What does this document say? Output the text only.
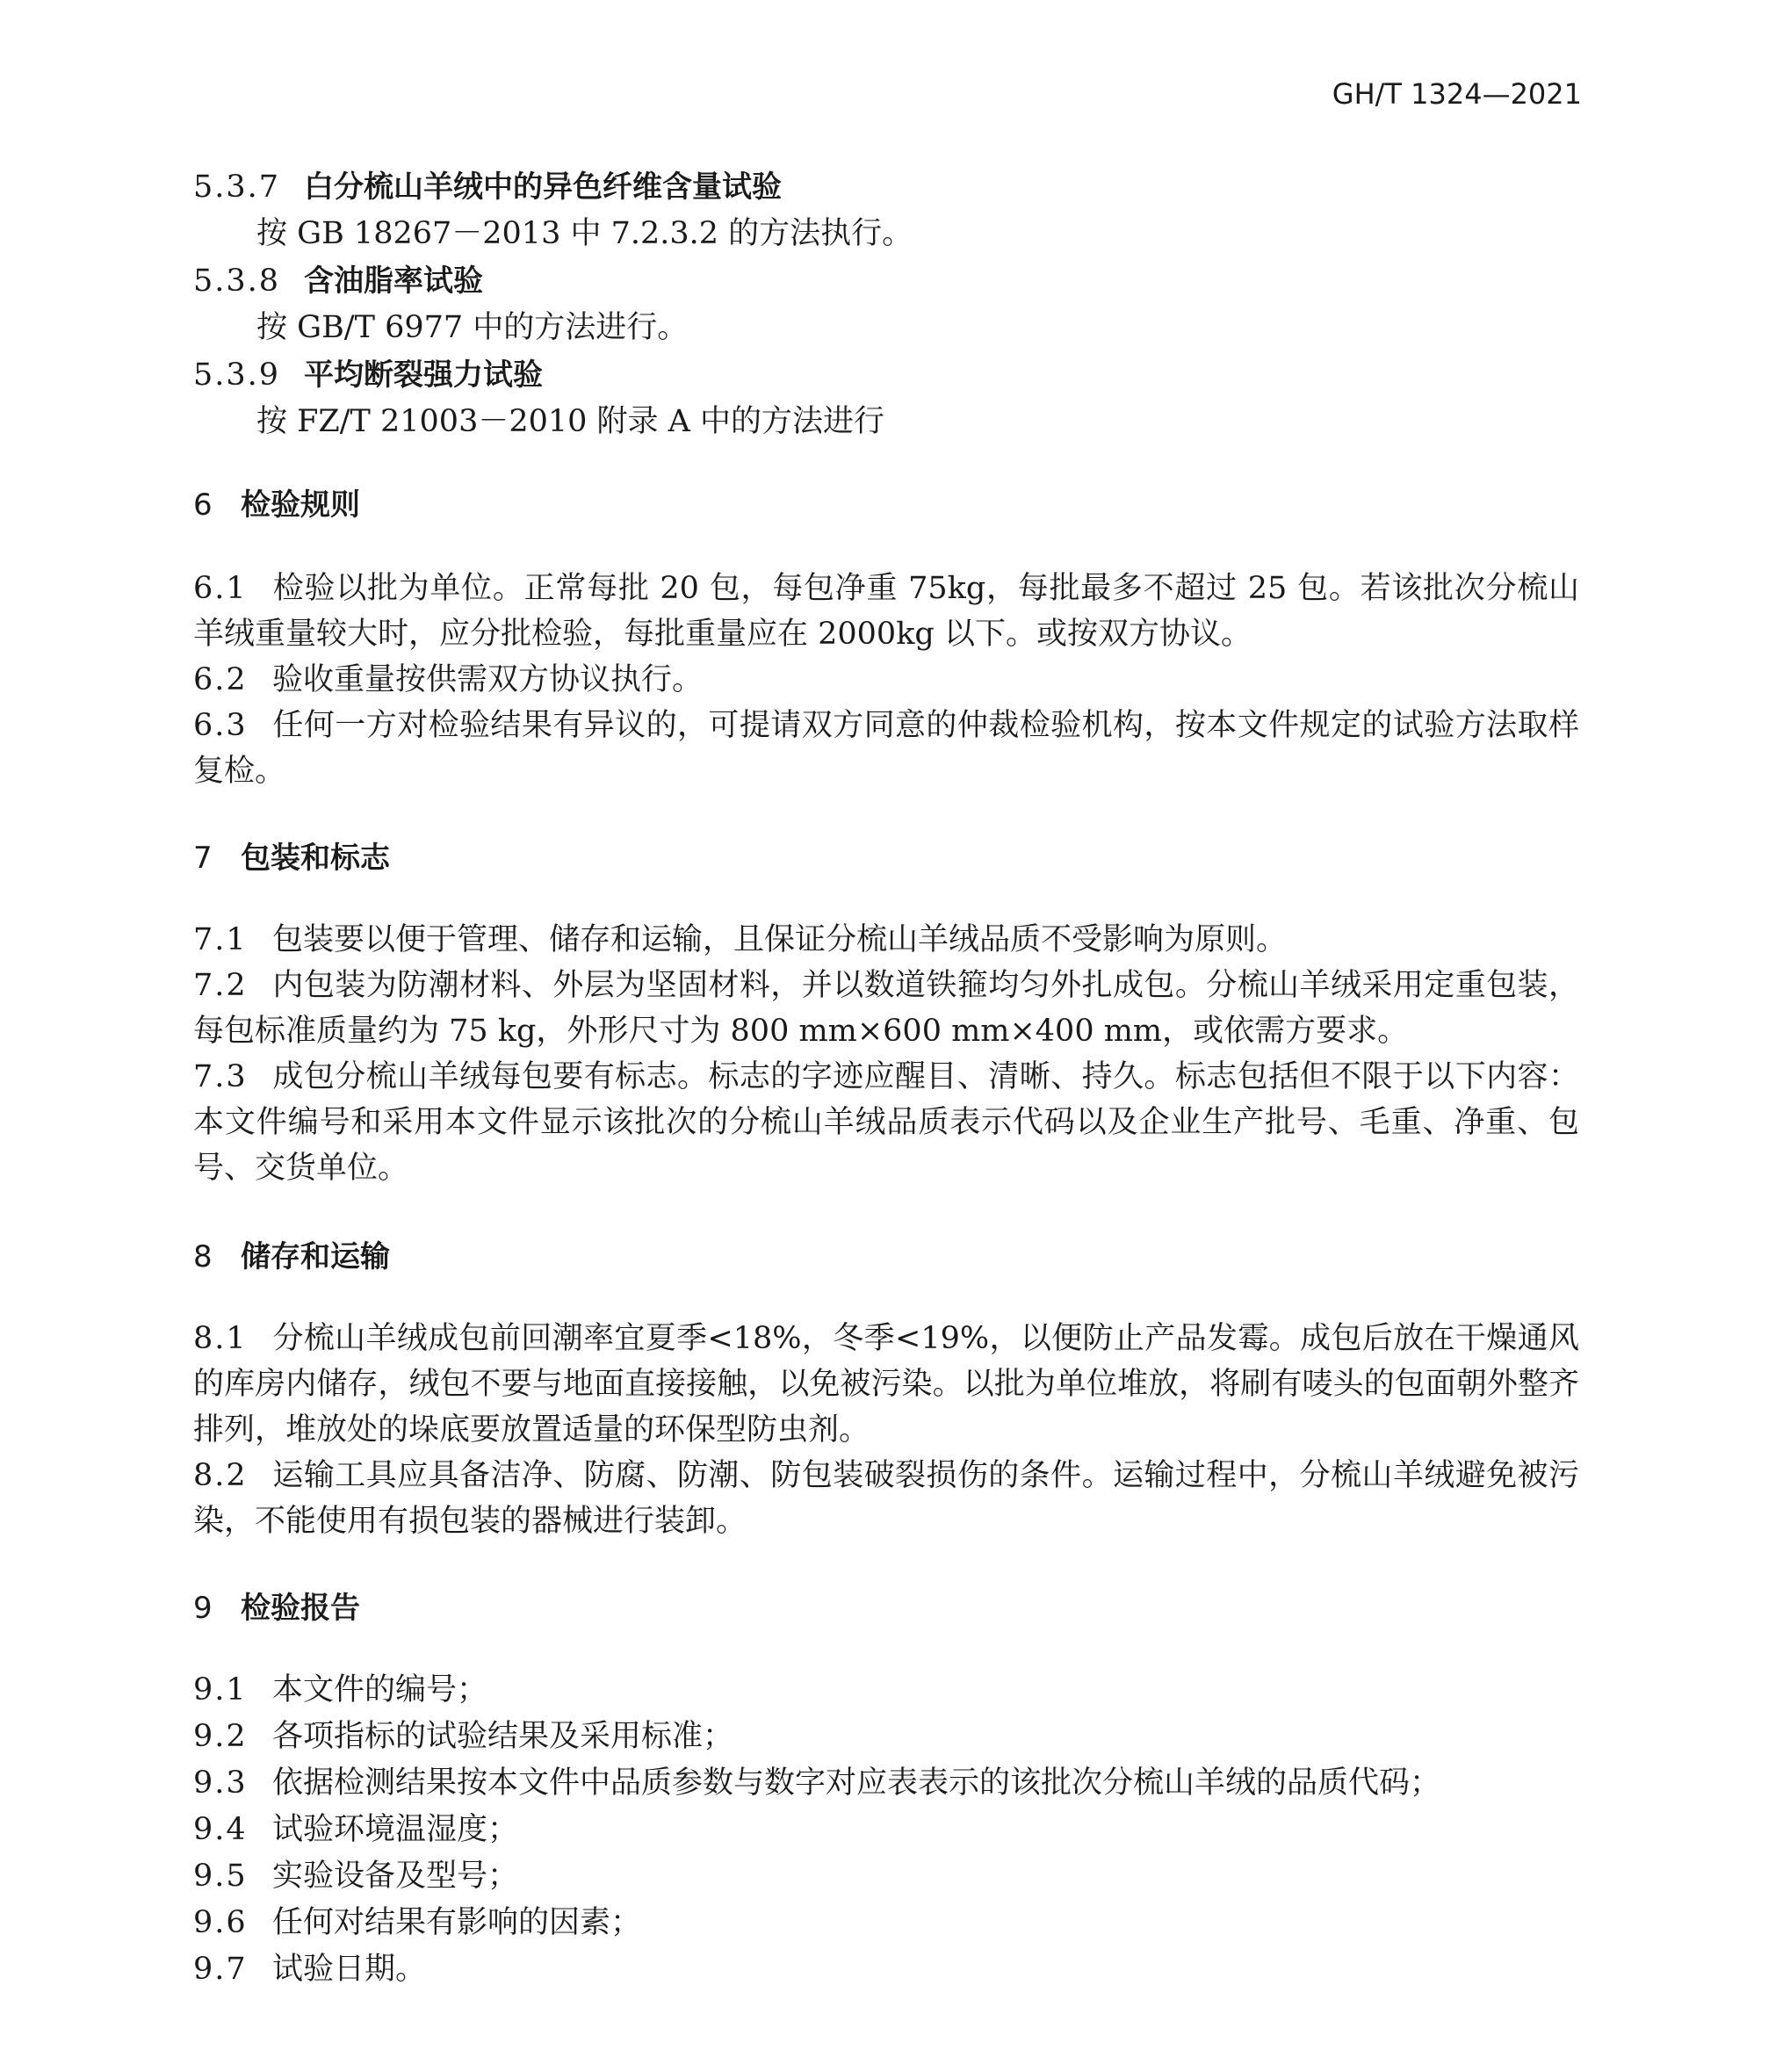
GH/T 1324—2021
5.3.7 白分梳山羊绒中的异色纤维含量试验
按 GB 18267－2013 中 7.2.3.2 的方法执行。
5.3.8 含油脂率试验
按 GB/T 6977 中的方法进行。
5.3.9 平均断裂强力试验
按 FZ/T 21003－2010 附录 A 中的方法进行
6 检验规则

6.1 检验以批为单位。正常每批 20 包，每包净重 75kg，每批最多不超过 25 包。若该批次分梳山羊绒重量较大时，应分批检验，每批重量应在 2000kg 以下。或按双方协议。

6.2 验收重量按供需双方协议执行。

6.3 任何一方对检验结果有异议的，可提请双方同意的仲裁检验机构，按本文件规定的试验方法取样复检。

7 包装和标志

7.1 包装要以便于管理、储存和运输，且保证分梳山羊绒品质不受影响为原则。

7.2 内包装为防潮材料、外层为坚固材料，并以数道铁箍均匀外扎成包。分梳山羊绒采用定重包装，每包标准质量约为 75 kg，外形尺寸为 800 mm×600 mm×400 mm，或依需方要求。

7.3 成包分梳山羊绒每包要有标志。标志的字迹应醒目、清晰、持久。标志包括但不限于以下内容：本文件编号和采用本文件显示该批次的分梳山羊绒品质表示代码以及企业生产批号、毛重、净重、包号、交货单位。

8 储存和运输

8.1 分梳山羊绒成包前回潮率宜夏季<18%，冬季<19%，以便防止产品发霉。成包后放在干燥通风的库房内储存，绒包不要与地面直接接触，以免被污染。以批为单位堆放，将刷有唛头的包面朝外整齐排列，堆放处的垛底要放置适量的环保型防虫剂。

8.2 运输工具应具备洁净、防腐、防潮、防包装破裂损伤的条件。运输过程中，分梳山羊绒避免被污染，不能使用有损包装的器械进行装卸。

9 检验报告
9.1 本文件的编号；
9.2 各项指标的试验结果及采用标准；
9.3 依据检测结果按本文件中品质参数与数字对应表表示的该批次分梳山羊绒的品质代码；
9.4 试验环境温湿度；
9.5 实验设备及型号；
9.6 任何对结果有影响的因素；
9.7 试验日期。
